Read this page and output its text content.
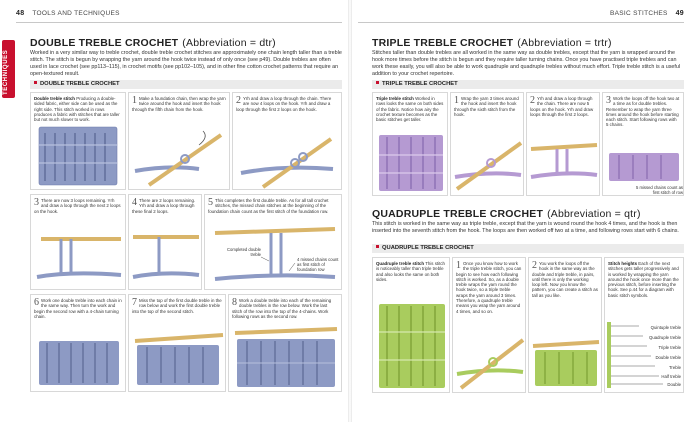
48 TOOLS AND TECHNIQUES	BASIC STITCHES 49
TECHNIQUES
DOUBLE TREBLE CROCHET (Abbreviation = dtr)
Worked in a very similar way to treble crochet, double treble crochet stitches are approximately one chain length taller than a treble stitch. The stitch is begun by wrapping the yarn around the hook twice instead of only once (see p49). Double trebles are often used in lace crochet (see pp113–115), in crochet motifs (see pp102–105), and in other fine cotton crochet patterns that require an open-textured result.
DOUBLE TREBLE CROCHET
Double treble stitch Producing a double-sided fabric, either side can be used as the right side. This stitch worked in rows produces a fabric with stitches that are taller but not much slower to work.
1 Make a foundation chain, then wrap the yarn twice around the hook and insert the hook through the fifth chain from the hook.
2 Yrh and draw a loop through the chain. There are now 4 loops on the hook. Yrh and draw a loop through the first 2 loops on the hook.
3 There are now 3 loops remaining. Yrh and draw a loop through the next 2 loops on the hook.
4 There are 2 loops remaining. Yrh and draw a loop through these final 2 loops.
5 This completes the first double treble. As for all tall crochet stitches, the missed chain stitches at the beginning of the foundation chain count as the first stitch of the foundation row.
Completed double treble
4 missed chains count as first stitch of foundation row
6 Work one double treble into each chain in the same way. Then turn the work and begin the second row with a 4-chain turning chain.
7 Miss the top of the first double treble in the row below and work the first double treble into the top of the second stitch.
8 Work a double treble into each of the remaining double trebles in the row below. Work the last stitch of the row into the top of the 4-chains. Work following rows as the second row.
TRIPLE TREBLE CROCHET (Abbreviation = trtr)
Stitches taller than double trebles are all worked in the same way as double trebles, except that the yarn is wrapped around the hook more times before the stitch is begun and they require taller turning chains. Once you have practised triple trebles and can work these easily, you will also be able to work quadruple and quadruple trebles without much effort. Triple treble stitch is a useful addition to your crochet repertoire.
TRIPLE TREBLE CROCHET
Triple treble stitch Worked in rows looks the same on both sides of the fabric. Notice how airy the crochet texture becomes as the basic stitches get taller.
1 Wrap the yarn 3 times around the hook and insert the hook through the sixth stitch from the hook.
2 Yrh and draw a loop through the chain. There are now 5 loops on the hook. Yrh and draw loops through the first 2 loops.
3 Work the loops off the hook two at a time as for double trebles. Remember to wrap the yarn three times around the hook before starting each stitch. Start following rows with 5 chains.
5 missed chains count as first stitch of row
QUADRUPLE TREBLE CROCHET (Abbreviation = qtr)
This stitch is worked in the same way as triple treble, except that the yarn is wound round the hook 4 times, and the hook is then inserted into the seventh stitch from the hook. The loops are then worked off two at a time, and following rows start with 6 chains.
QUADRUPLE TREBLE CROCHET
Quadruple treble stitch This stitch is noticeably taller than triple treble and also looks the same on both sides.
1 Once you know how to work the triple treble stitch, you can begin to see how each following stitch is worked. So, as a double treble wraps the yarn round the hook twice, so a triple treble wraps the yarn around 3 times. Therefore, a quadruple treble means you wrap the yarn around 4 times, and so on.
2 You work the loops off the hook in the same way as the double and triple treble, in pairs, until there is only the working loop left. Now you know the pattern, you can create a stitch as tall as you like.
Stitch heights Each of the next stitches gets taller progressively and is worked by wrapping the yarn around the hook once more than the previous stitch, before inserting the hook. See p.44 for a diagram with basic stitch symbols.
Quintuple treble
Quadruple treble
Triple treble
Double treble
Treble
Half treble
Double
